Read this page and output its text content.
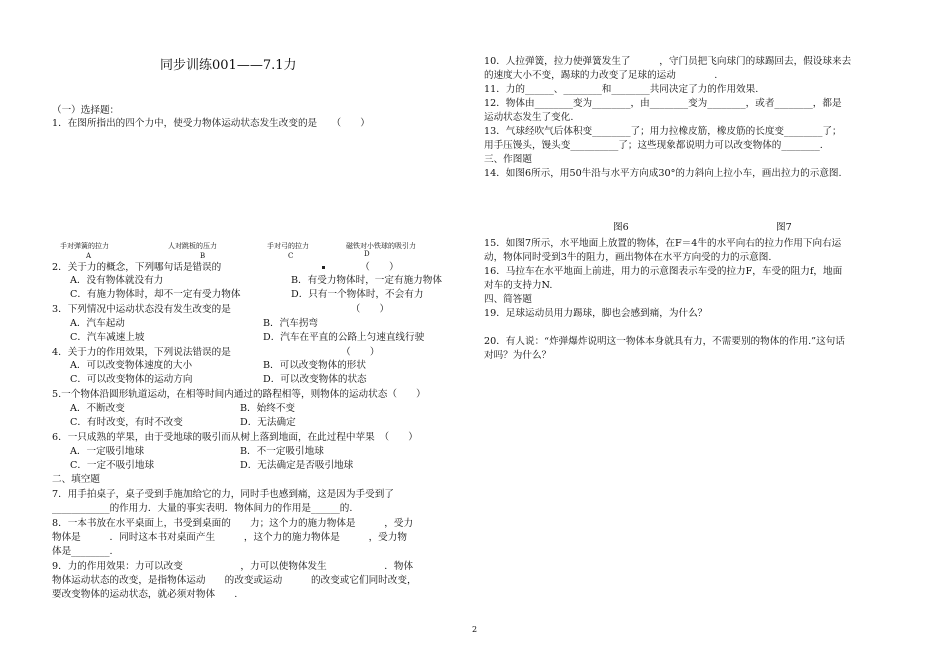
同步训练001——7.1力
（一）选择题：
1．在图所指出的四个力中，使受力物体运动状态发生改变的是　　（　　）
手对弹簧的拉力	人对跳板的压力	手对弓的拉力	磁铁对小铁球的吸引力
A	B	C	D
2．关于力的概念，下列哪句话是错误的　　　　　　　　　　　　　　　（　　）
A．没有物体就没有力	B．有受力物体时，一定有施力物体
C．有施力物体时，却不一定有受力物体	D．只有一个物体时，不会有力
3．下列情况中运动状态没有发生改变的是　　　　　　　　　　　　　（　　）
A．汽车起动	B．汽车拐弯
C．汽车减速上坡	D．汽车在平直的公路上匀速直线行驶
4．关于力的作用效果，下列说法错误的是　　　　　　　　　　　　（　　）
A．可以改变物体速度的大小	B．可以改变物体的形状
C．可以改变物体的运动方向	D．可以改变物体的状态
5.一个物体沿圆形轨道运动，在相等时间内通过的路程相等，则物体的运动状态（　　）
A．不断改变	B．始终不变
C．有时改变，有时不改变	D．无法确定
6．一只成熟的苹果，由于受地球的吸引而从树上落到地面，在此过程中苹果　（　　）
A．一定吸引地球	B．不一定吸引地球
C．一定不吸引地球	D．无法确定是否吸引地球
二、填空题
7．用手拍桌子，桌子受到手施加给它的力，同时手也感到痛，这是因为手受到了
____________的作用力．大量的事实表明．物体间力的作用是______的.
8．一本书放在水平桌面上，书受到桌面的　　力；这个力的施力物体是　　　，受力
物体是　　　．同时这本书对桌面产生　　　，这个力的施力物体是　　　，受力物
体是________.
9．力的作用效果：力可以改变　　　　　　，力可以使物体发生　　　　　　．物体
物体运动状态的改变，是指物体运动　　的改变或运动　　　的改变或它们同时改变，
要改变物体的运动状态，就必须对物体　　.
10．人拉弹簧，拉力使弹簧发生了　　　，守门员把飞向球门的球踢回去，假设球来去
的速度大小不变，踢球的力改变了足球的运动　　　　.
11．力的______、________和________共同决定了力的作用效果.
12．物体由________变为________，由________变为________，或者________，都是
运动状态发生了变化.
13．气球经吹气后体积变________了；用力拉橡皮筋，橡皮筋的长度变________了；
用手压馒头，馒头变__________了；这些现象都说明力可以改变物体的________.
三、作图题
14．如图6所示，用50牛沿与水平方向成30°的力斜向上拉小车，画出拉力的示意图.
图6	图7
15．如图7所示，水平地面上放置的物体，在F＝4牛的水平向右的拉力作用下向右运
动，物体同时受到3牛的阻力，画出物体在水平方向受的力的示意图.
16．马拉车在水平地面上前进，用力的示意图表示车受的拉力F，车受的阻力f，地面
对车的支持力N.
四、简答题
19．足球运动员用力踢球，脚也会感到痛，为什么？
20．有人说：“炸弹爆炸说明这一物体本身就具有力，不需要别的物体的作用.”这句话
对吗？为什么？
2
